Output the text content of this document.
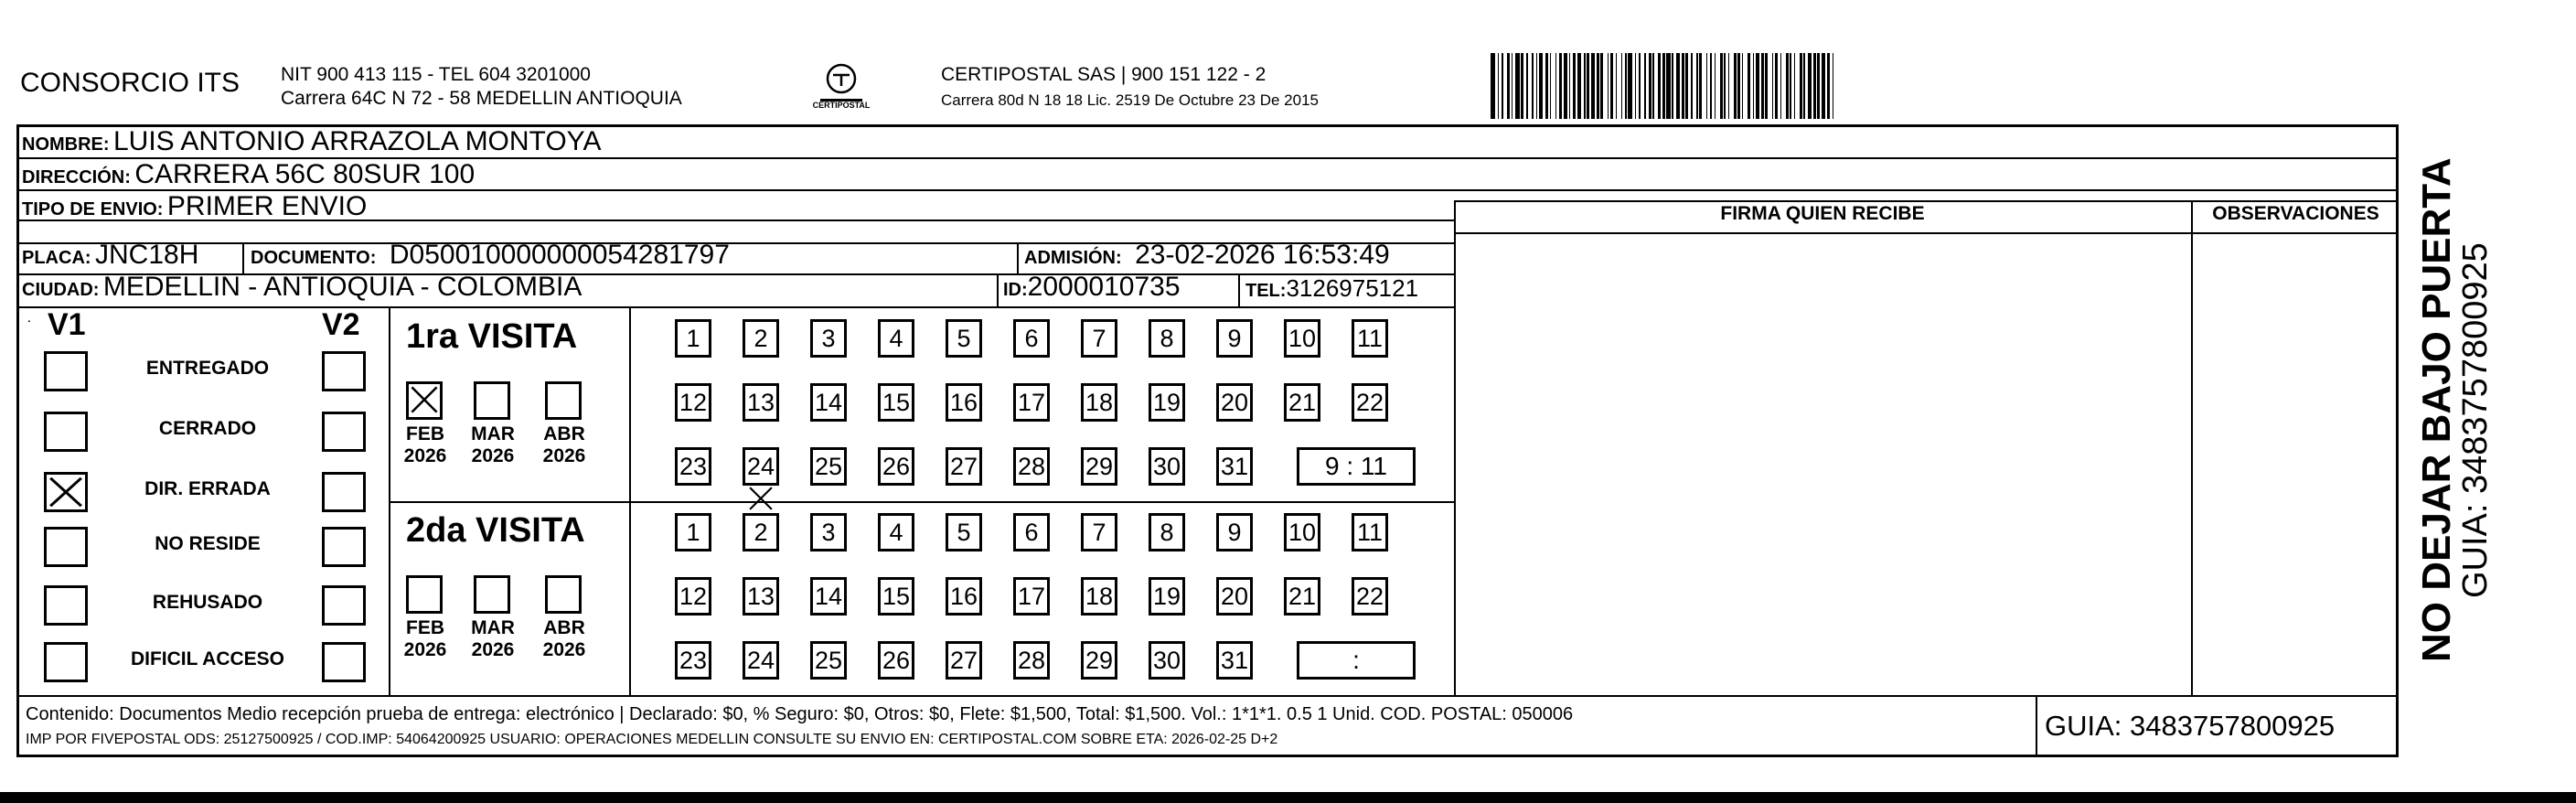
CONSORCIO ITS NIT 900 413 115 - TEL 604 3201000
Carrera 64C N 72 - 58 MEDELLIN ANTIOQUIA	CERTIPOSTAL
CERTIPOSTAL SAS | 900 151 122 - 2
Carrera 80d N 18 18 Lic. 2519 De Octubre 23 De 2015
NOMBRE: LUIS ANTONIO ARRAZOLA MONTOYA
DIRECCIÓN: CARRERA 56C 80SUR 100
TIPO DE ENVIO: PRIMER ENVIO
PLACA: JNC18H	DOCUMENTO: D050010000000054281797	ADMISIÓN: 23-02-2026 16:53:49
CIUDAD: MEDELLIN - ANTIOQUIA - COLOMBIA	ID:2000010735	TEL:3126975121
FIRMA QUIEN RECIBE	OBSERVACIONES
⸱ V1	V2
ENTREGADO
CERRADO
DIR. ERRADA
NO RESIDE
REHUSADO
DIFICIL ACCESO
1ra VISITA
FEB
2026
MAR
2026
ABR
2026
1	2	3	4	5	6	7	8	9	10 11
12 13 14 15 16 17 18 19 20 21 22
23 24 25 26 27 28 29 30 31	9 : 11
2da VISITA
FEB
2026
MAR
2026
ABR
2026
1	2	3	4	5	6	7	8	9	10 11
12 13 14 15 16 17 18 19 20 21 22
23 24 25 26 27 28 29 30 31	:
Contenido: Documentos Medio recepción prueba de entrega: electrónico | Declarado: $0, % Seguro: $0, Otros: $0, Flete: $1,500, Total: $1,500. Vol.: 1*1*1. 0.5 1 Unid. COD. POSTAL: 050006
IMP POR FIVEPOSTAL ODS: 25127500925 / COD.IMP: 54064200925 USUARIO: OPERACIONES MEDELLIN CONSULTE SU ENVIO EN: CERTIPOSTAL.COM SOBRE ETA: 2026-02-25 D+2	GUIA: 3483757800925
NO DEJAR BAJO PUERTA
GUIA: 3483757800925
